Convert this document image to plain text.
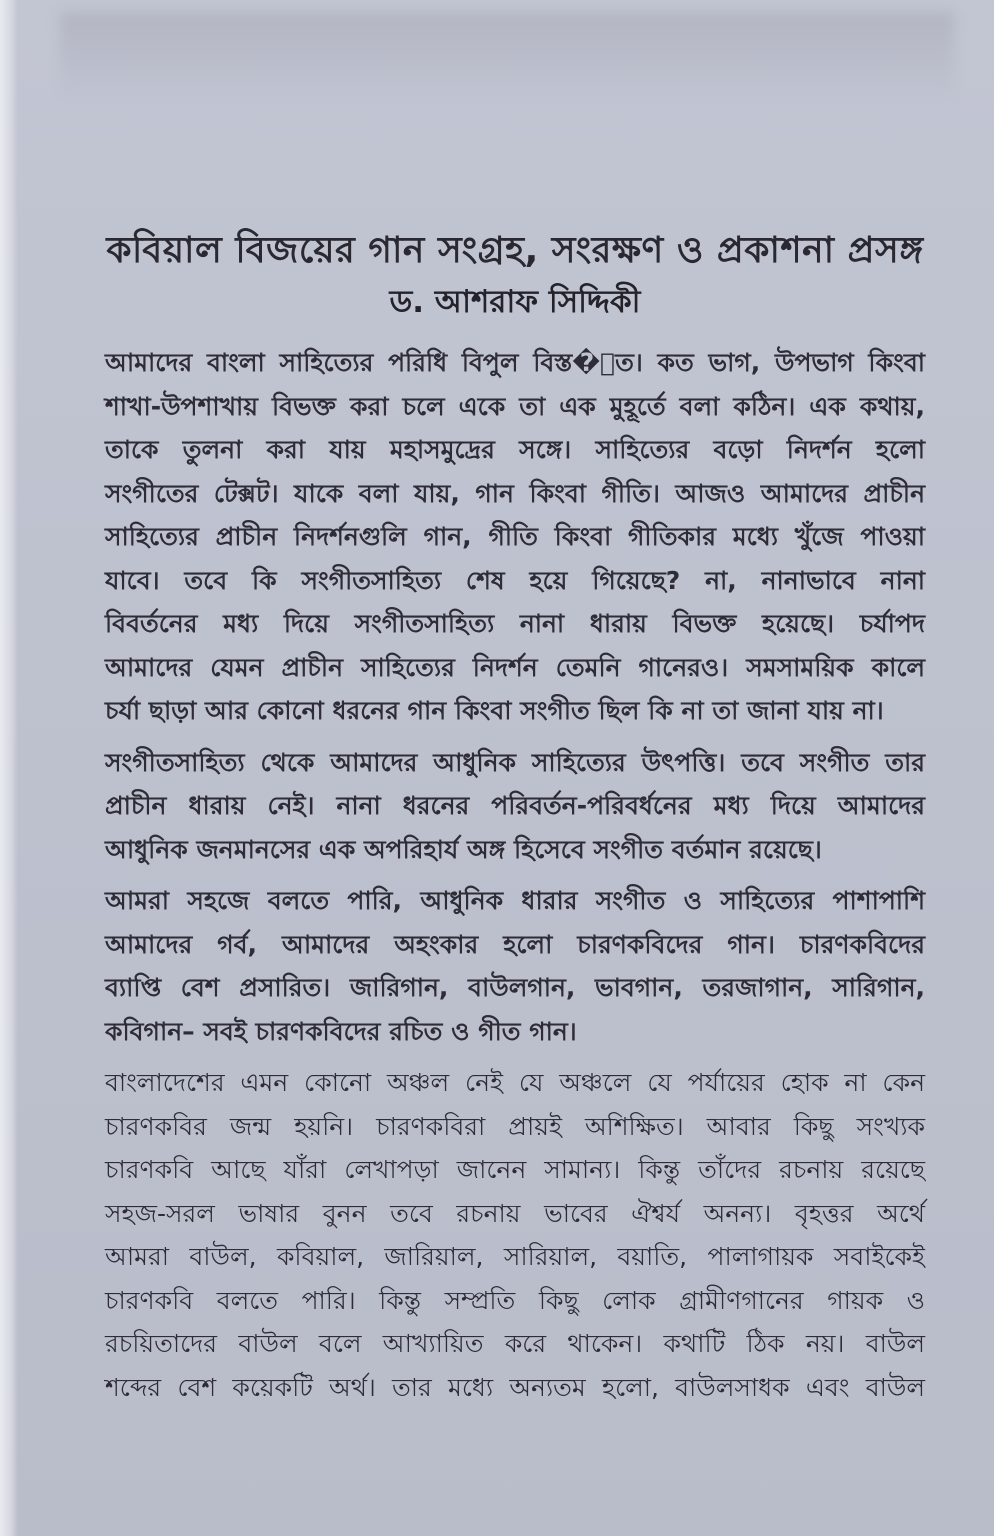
কবিয়াল বিজয়ের গান সংগ্রহ, সংরক্ষণ ও প্রকাশনা প্রসঙ্গ
ড. আশরাফ সিদ্দিকী
আমাদের বাংলা সাহিত্যের পরিধি বিপুল বিস্ত�ৃত। কত ভাগ, উপভাগ কিংবা
শাখা-উপশাখায় বিভক্ত করা চলে একে তা এক মুহূর্তে বলা কঠিন। এক কথায়,
তাকে তুলনা করা যায় মহাসমুদ্রের সঙ্গে। সাহিত্যের বড়ো নিদর্শন হলো
সংগীতের টেক্সট। যাকে বলা যায়, গান কিংবা গীতি। আজও আমাদের প্রাচীন
সাহিত্যের প্রাচীন নিদর্শনগুলি গান, গীতি কিংবা গীতিকার মধ্যে খুঁজে পাওয়া
যাবে। তবে কি সংগীতসাহিত্য শেষ হয়ে গিয়েছে? না, নানাভাবে নানা
বিবর্তনের মধ্য দিয়ে সংগীতসাহিত্য নানা ধারায় বিভক্ত হয়েছে। চর্যাপদ
আমাদের যেমন প্রাচীন সাহিত্যের নিদর্শন তেমনি গানেরও। সমসাময়িক কালে
চর্যা ছাড়া আর কোনো ধরনের গান কিংবা সংগীত ছিল কি না তা জানা যায় না।
সংগীতসাহিত্য থেকে আমাদের আধুনিক সাহিত্যের উৎপত্তি। তবে সংগীত তার
প্রাচীন ধারায় নেই। নানা ধরনের পরিবর্তন-পরিবর্ধনের মধ্য দিয়ে আমাদের
আধুনিক জনমানসের এক অপরিহার্য অঙ্গ হিসেবে সংগীত বর্তমান রয়েছে।
আমরা সহজে বলতে পারি, আধুনিক ধারার সংগীত ও সাহিত্যের পাশাপাশি
আমাদের গর্ব, আমাদের অহংকার হলো চারণকবিদের গান। চারণকবিদের
ব্যাপ্তি বেশ প্রসারিত। জারিগান, বাউলগান, ভাবগান, তরজাগান, সারিগান,
কবিগান– সবই চারণকবিদের রচিত ও গীত গান।
বাংলাদেশের এমন কোনো অঞ্চল নেই যে অঞ্চলে যে পর্যায়ের হোক না কেন
চারণকবির জন্ম হয়নি। চারণকবিরা প্রায়ই অশিক্ষিত। আবার কিছু সংখ্যক
চারণকবি আছে যাঁরা লেখাপড়া জানেন সামান্য। কিন্তু তাঁদের রচনায় রয়েছে
সহজ-সরল ভাষার বুনন তবে রচনায় ভাবের ঐশ্বর্য অনন্য। বৃহত্তর অর্থে
আমরা বাউল, কবিয়াল, জারিয়াল, সারিয়াল, বয়াতি, পালাগায়ক সবাইকেই
চারণকবি বলতে পারি। কিন্তু সম্প্রতি কিছু লোক গ্রামীণগানের গায়ক ও
রচয়িতাদের বাউল বলে আখ্যায়িত করে থাকেন। কথাটি ঠিক নয়। বাউল
শব্দের বেশ কয়েকটি অর্থ। তার মধ্যে অন্যতম হলো, বাউলসাধক এবং বাউল
